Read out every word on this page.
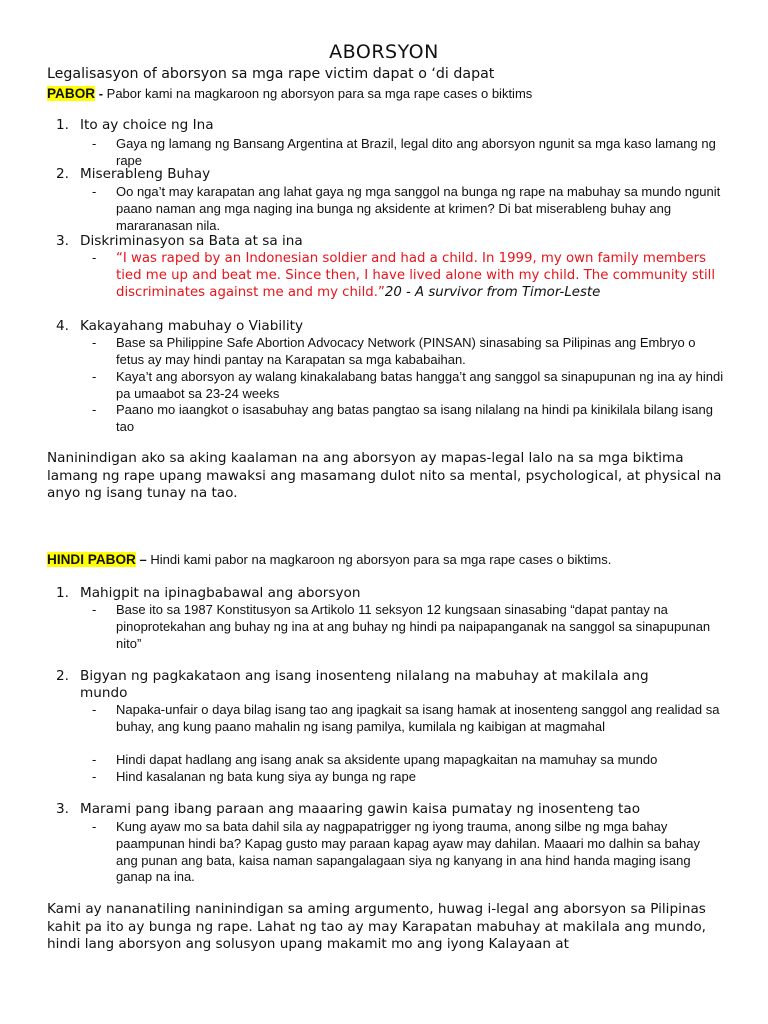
ABORSYON
Legalisasyon of aborsyon sa mga rape victim dapat o ‘di dapat
PABOR - Pabor kami na magkaroon ng aborsyon para sa mga rape cases o biktims
1. Ito ay choice ng Ina
- Gaya ng lamang ng Bansang Argentina at Brazil, legal dito ang aborsyon ngunit sa mga kaso lamang ng rape
2. Miserableng Buhay
- Oo nga’t may karapatan ang lahat gaya ng mga sanggol na bunga ng rape na mabuhay sa mundo ngunit paano naman ang mga naging ina bunga ng aksidente at krimen? Di bat miserableng buhay ang mararanasan nila.
3. Diskriminasyon sa Bata at sa ina
- “I was raped by an Indonesian soldier and had a child. In 1999, my own family members tied me up and beat me. Since then, I have lived alone with my child. The community still discriminates against me and my child.”20 - A survivor from Timor-Leste
4. Kakayahang mabuhay o Viability
- Base sa Philippine Safe Abortion Advocacy Network (PINSAN) sinasabing sa Pilipinas ang Embryo o fetus ay may hindi pantay na Karapatan sa mga kababaihan.
- Kaya’t ang aborsyon ay walang kinakalabang batas hangga’t ang sanggol sa sinapupunan ng ina ay hindi pa umaabot sa 23-24 weeks
- Paano mo iaangkot o isasabuhay ang batas pangtao sa isang nilalang na hindi pa kinikilala bilang isang tao
Naninindigan ako sa aking kaalaman na ang aborsyon ay mapas-legal lalo na sa mga biktima lamang ng rape upang mawaksi ang masamang dulot nito sa mental, psychological, at physical na anyo ng isang tunay na tao.
HINDI PABOR – Hindi kami pabor na magkaroon ng aborsyon para sa mga rape cases o biktims.
1. Mahigpit na ipinagbabawal ang aborsyon
- Base ito sa 1987 Konstitusyon sa Artikolo 11 seksyon 12 kungsaan sinasabing “dapat pantay na pinoprotekahan ang buhay ng ina at ang buhay ng hindi pa naipapanganak na sanggol sa sinapupunan nito”
2. Bigyan ng pagkakataon ang isang inosenteng nilalang na mabuhay at makilala ang mundo
- Napaka-unfair o daya bilag isang tao ang ipagkait sa isang hamak at inosenteng sanggol ang realidad sa buhay, ang kung paano mahalin ng isang pamilya, kumilala ng kaibigan at magmahal
- Hindi dapat hadlang ang isang anak sa aksidente upang mapagkaitan na mamuhay sa mundo
- Hind kasalanan ng bata kung siya ay bunga ng rape
3. Marami pang ibang paraan ang maaaring gawin kaisa pumatay ng inosenteng tao
- Kung ayaw mo sa bata dahil sila ay nagpapatrigger ng iyong trauma, anong silbe ng mga bahay paampunan hindi ba? Kapag gusto may paraan kapag ayaw may dahilan. Maaari mo dalhin sa bahay ang punan ang bata, kaisa naman sapangalagaan siya ng kanyang in ana hind handa maging isang ganap na ina.
Kami ay nananatiling naninindigan sa aming argumento, huwag i-legal ang aborsyon sa Pilipinas kahit pa ito ay bunga ng rape. Lahat ng tao ay may Karapatan mabuhay at makilala ang mundo, hindi lang aborsyon ang solusyon upang makamit mo ang iyong Kalayaan at
